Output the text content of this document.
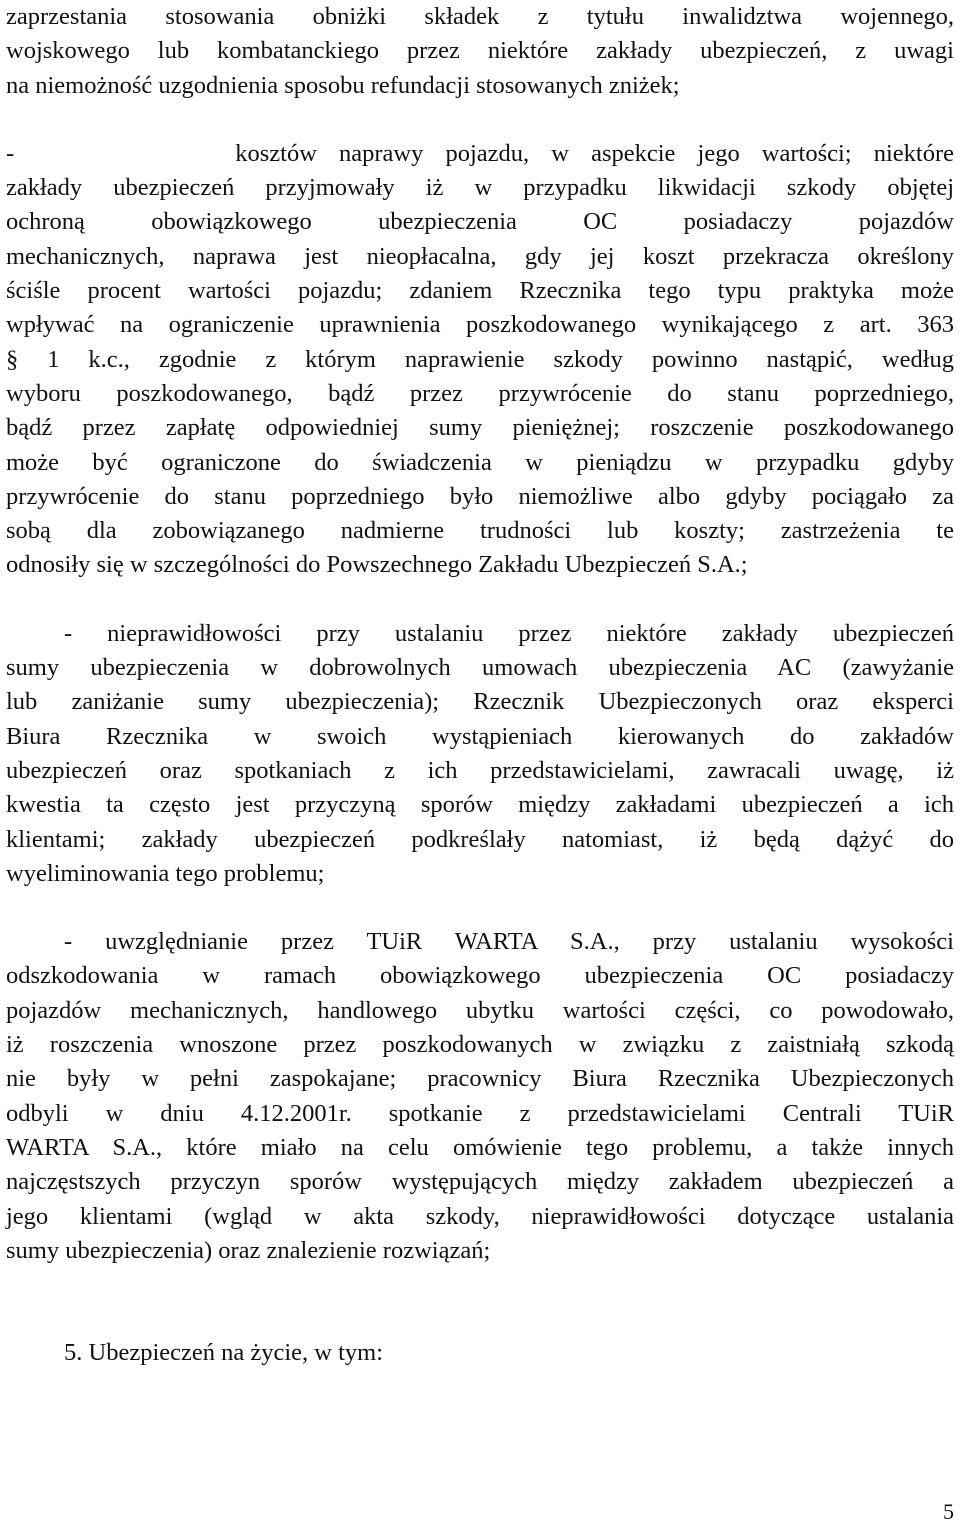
zaprzestania stosowania obniżki składek z tytułu inwalidztwa wojennego,
wojskowego lub kombatanckiego przez niektóre zakłady ubezpieczeń, z uwagi
na niemożność uzgodnienia sposobu refundacji stosowanych zniżek;
-          kosztów naprawy pojazdu, w aspekcie jego wartości; niektóre
zakłady ubezpieczeń przyjmowały iż w przypadku likwidacji szkody objętej
ochroną obowiązkowego ubezpieczenia OC posiadaczy pojazdów
mechanicznych, naprawa jest nieopłacalna, gdy jej koszt przekracza określony
ściśle procent wartości pojazdu; zdaniem Rzecznika tego typu praktyka może
wpływać na ograniczenie uprawnienia poszkodowanego wynikającego z art. 363
§ 1 k.c., zgodnie z którym naprawienie szkody powinno nastąpić, według
wyboru poszkodowanego, bądź przez przywrócenie do stanu poprzedniego,
bądź przez zapłatę odpowiedniej sumy pieniężnej; roszczenie poszkodowanego
może być ograniczone do świadczenia w pieniądzu w przypadku gdyby
przywrócenie do stanu poprzedniego było niemożliwe albo gdyby pociągało za
sobą dla zobowiązanego nadmierne trudności lub koszty; zastrzeżenia te
odnosiły się w szczególności do Powszechnego Zakładu Ubezpieczeń S.A.;
- nieprawidłowości przy ustalaniu przez niektóre zakłady ubezpieczeń
sumy ubezpieczenia w dobrowolnych umowach ubezpieczenia AC (zawyżanie
lub zaniżanie sumy ubezpieczenia); Rzecznik Ubezpieczonych oraz eksperci
Biura Rzecznika w swoich wystąpieniach kierowanych do zakładów
ubezpieczeń oraz spotkaniach z ich przedstawicielami, zawracali uwagę, iż
kwestia ta często jest przyczyną sporów między zakładami ubezpieczeń a ich
klientami; zakłady ubezpieczeń podkreślały natomiast, iż będą dążyć do
wyeliminowania tego problemu;
- uwzględnianie przez TUiR WARTA S.A., przy ustalaniu wysokości
odszkodowania w ramach obowiązkowego ubezpieczenia OC posiadaczy
pojazdów mechanicznych, handlowego ubytku wartości części, co powodowało,
iż roszczenia wnoszone przez poszkodowanych w związku z zaistniałą szkodą
nie były w pełni zaspokajane; pracownicy Biura Rzecznika Ubezpieczonych
odbyli w dniu 4.12.2001r. spotkanie z przedstawicielami Centrali TUiR
WARTA S.A., które miało na celu omówienie tego problemu, a także innych
najczęstszych przyczyn sporów występujących między zakładem ubezpieczeń a
jego klientami (wgląd w akta szkody, nieprawidłowości dotyczące ustalania
sumy ubezpieczenia) oraz znalezienie rozwiązań;
5. Ubezpieczeń na życie, w tym:
5
